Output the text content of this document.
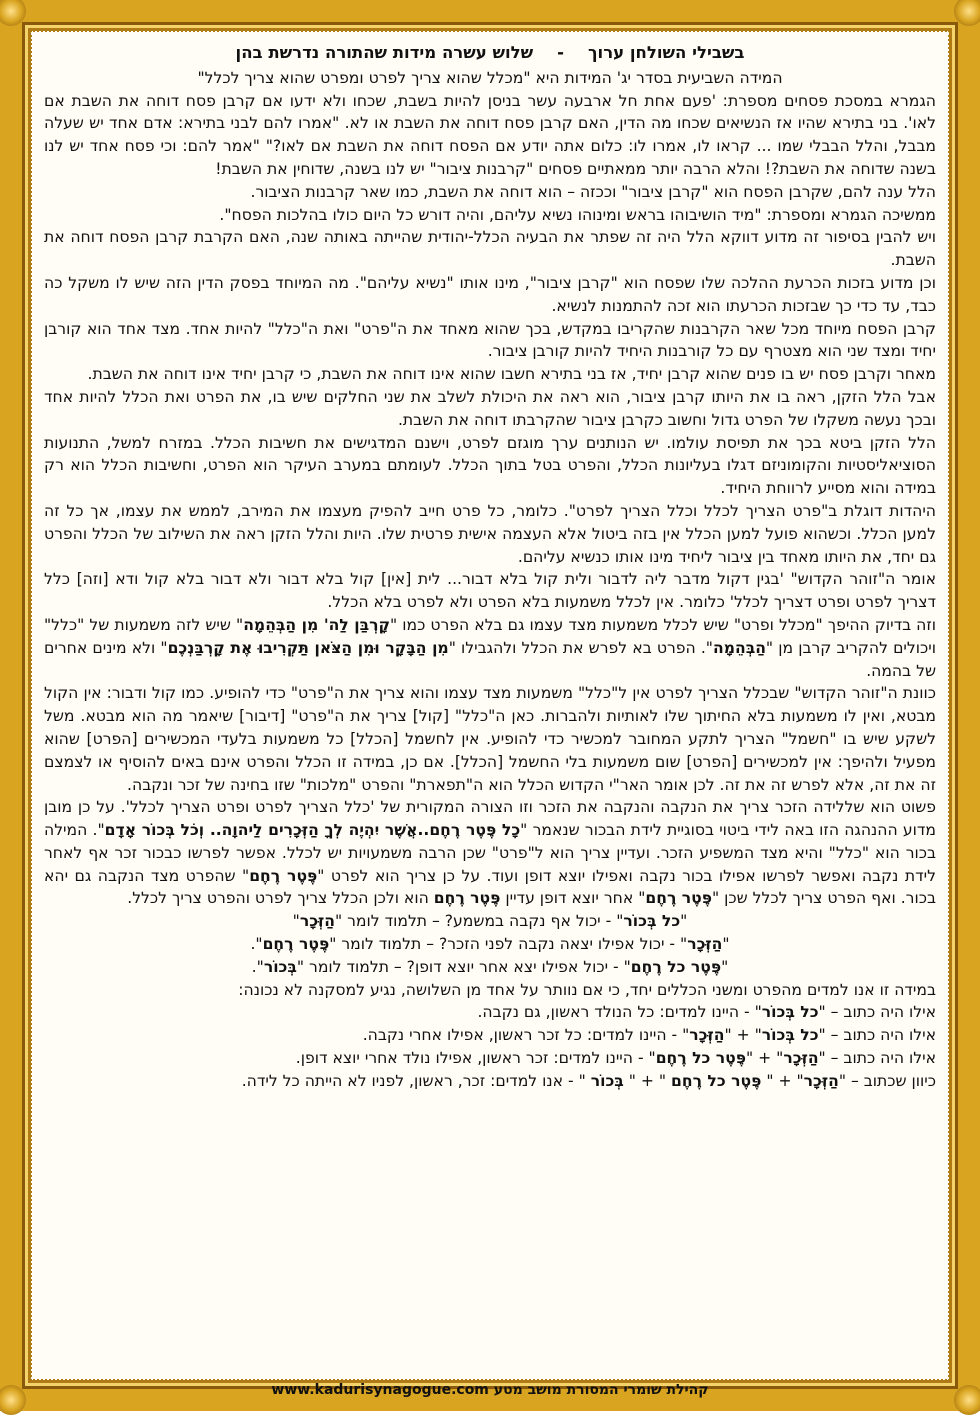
בשבילי השולחן ערוך-שלוש עשרה מידות שהתורה נדרשת בהן

המידה השביעית בסדר יג' המידות היא "מכלל שהוא צריך לפרט ומפרט שהוא צריך לכלל"

הגמרא במסכת פסחים מספרת: 'פעם אחת חל ארבעה עשר בניסן להיות בשבת, שכחו ולא ידעו אם קרבן פסח דוחה את השבת אם לאו'. בני בתירא שהיו אז הנשיאים שכחו מה הדין, האם קרבן פסח דוחה את השבת או לא. "אמרו להם לבני בתירא: אדם אחד יש שעלה מבבל, והלל הבבלי שמו ... קראו לו, אמרו לו: כלום אתה יודע אם הפסח דוחה את השבת אם לאו?" "אמר להם: וכי פסח אחד יש לנו בשנה שדוחה את השבת?! והלא הרבה יותר ממאתיים פסחים "קרבנות ציבור" יש לנו בשנה, שדוחין את השבת!

הלל ענה להם, שקרבן הפסח הוא "קרבן ציבור" וככזה – הוא דוחה את השבת, כמו שאר קרבנות הציבור.

ממשיכה הגמרא ומספרת: "מיד הושיבוהו בראש ומינוהו נשיא עליהם, והיה דורש כל היום כולו בהלכות הפסח".

ויש להבין בסיפור זה מדוע דווקא הלל היה זה שפתר את הבעיה הכלל-יהודית שהייתה באותה שנה, האם הקרבת קרבן הפסח דוחה את השבת.

וכן מדוע בזכות הכרעת ההלכה שלו שפסח הוא "קרבן ציבור", מינו אותו "נשיא עליהם". מה המיוחד בפסק הדין הזה שיש לו משקל כה כבד, עד כדי כך שבזכות הכרעתו הוא זכה להתמנות לנשיא.

קרבן הפסח מיוחד מכל שאר הקרבנות שהקריבו במקדש, בכך שהוא מאחד את ה"פרט" ואת ה"כלל" להיות אחד. מצד אחד הוא קורבן יחיד ומצד שני הוא מצטרף עם כל קורבנות היחיד להיות קורבן ציבור.

מאחר וקרבן פסח יש בו פנים שהוא קרבן יחיד, אז בני בתירא חשבו שהוא אינו דוחה את השבת, כי קרבן יחיד אינו דוחה את השבת.

אבל הלל הזקן, ראה בו את היותו קרבן ציבור, הוא ראה את היכולת לשלב את שני החלקים שיש בו, את הפרט ואת הכלל להיות אחד ובכך נעשה משקלו של הפרט גדול וחשוב כקרבן ציבור שהקרבתו דוחה את השבת.

הלל הזקן ביטא בכך את תפיסת עולמו. יש הנותנים ערך מוגזם לפרט, וישנם המדגישים את חשיבות הכלל. במזרח למשל, התנועות הסוציאליסטיות והקומוניזם דגלו בעליונות הכלל, והפרט בטל בתוך הכלל. לעומתם במערב העיקר הוא הפרט, וחשיבות הכלל הוא רק במידה והוא מסייע לרווחת היחיד.

היהדות דוגלת ב"פרט הצריך לכלל וכלל הצריך לפרט". כלומר, כל פרט חייב להפיק מעצמו את המירב, לממש את עצמו, אך כל זה למען הכלל. וכשהוא פועל למען הכלל אין בזה ביטול אלא העצמה אישית פרטית שלו. היות והלל הזקן ראה את השילוב של הכלל והפרט גם יחד, את היותו מאחד בין ציבור ליחיד מינו אותו כנשיא עליהם.

אומר ה"זוהר הקדוש" 'בגין דקול מדבר ליה לדבור ולית קול בלא דבור... לית [אין] קול בלא דבור ולא דבור בלא קול ודא [וזה] כלל דצריך לפרט ופרט דצריך לכלל' כלומר. אין לכלל משמעות בלא הפרט ולא לפרט בלא הכלל.

וזה בדיוק ההיפך "מכלל ופרט" שיש לכלל משמעות מצד עצמו גם בלא הפרט כמו "קָרְבַּן לַה' מִן הַבְּהֵמָה" שיש לזה משמעות של "כלל" ויכולים להקריב קרבן מן "הַבְּהֵמָה". הפרט בא לפרש את הכלל ולהגבילו "מִן הַבָּקָר וּמִן הַצֹּאן תַּקְרִיבוּ אֶת קָרְבַּנְכֶם" ולא מינים אחרים של בהמה.

כוונת ה"זוהר הקדוש" שבכלל הצריך לפרט אין ל"כלל" משמעות מצד עצמו והוא צריך את ה"פרט" כדי להופיע. כמו קול ודבור: אין הקול מבטא, ואין לו משמעות בלא החיתוך שלו לאותיות ולהברות. כאן ה"כלל" [קול] צריך את ה"פרט" [דיבור] שיאמר מה הוא מבטא. משל לשקע שיש בו "חשמל" הצריך לתקע המחובר למכשיר כדי להופיע. אין לחשמל [הכלל] כל משמעות בלעדי המכשירים [הפרט] שהוא מפעיל ולהיפך: אין למכשירים [הפרט] שום משמעות בלי החשמל [הכלל]. אם כן, במידה זו הכלל והפרט אינם באים להוסיף או לצמצם זה את זה, אלא לפרש זה את זה. לכן אומר האר"י הקדוש הכלל הוא ה"תפארת" והפרט "מלכות" שזו בחינה של זכר ונקבה.

פשוט הוא שללידה הזכר צריך את הנקבה והנקבה את הזכר וזו הצורה המקורית של 'כלל הצריך לפרט ופרט הצריך לכלל'. על כן מובן מדוע ההנהגה הזו באה לידי ביטוי בסוגיית לידת הבכור שנאמר "כָל פֶּטֶר רֶחֶם..אֲשֶׁר יִהְיֶה לְךָ הַזְּכָרִים לַיהוָה.. וְכֹל בְּכוֹר אָדָם". המילה בכור הוא "כלל" והיא מצד המשפיע הזכר. ועדיין צריך הוא ל"פרט" שכן הרבה משמעויות יש לכלל. אפשר לפרשו כבכור זכר אף לאחר לידת נקבה ואפשר לפרשו אפילו בכור נקבה ואפילו יוצא דופן ועוד. על כן צריך הוא לפרט "פֶּטֶר רֶחֶם" שהפרט מצד הנקבה גם יהא בכור. ואף הפרט צריך לכלל שכן "פֶּטֶר רֶחֶם" אחר יוצא דופן עדיין פֶּטֶר רֶחֶם הוא ולכן הכלל צריך לפרט והפרט צריך לכלל.

"כל בְּכוֹר" - יכול אף נקבה במשמע? – תלמוד לומר "הַזְּכָר"

"הַזְּכָר" - יכול אפילו יצאה נקבה לפני הזכר? – תלמוד לומר "פֶּטֶר רֶחֶם".

"פֶּטֶר כל רֶחֶם" - יכול אפילו יצא אחר יוצא דופן? – תלמוד לומר "בְּכוֹר".

במידה זו אנו למדים מהפרט ומשני הכללים יחד, כי אם נוותר על אחד מן השלושה, נגיע למסקנה לא נכונה:

אילו היה כתוב – "כל בְּכוֹר" - היינו למדים: כל הנולד ראשון, גם נקבה.

אילו היה כתוב – "כל בְּכוֹר" + "הַזְּכָר" - היינו למדים: כל זכר ראשון, אפילו אחרי נקבה.

אילו היה כתוב – "הַזְּכָר" + "פֶּטֶר כל רֶחֶם" - היינו למדים: זכר ראשון, אפילו נולד אחרי יוצא דופן.

כיוון שכתוב – "הַזְּכָר" + " פֶּטֶר כל רֶחֶם " + " בְּכוֹר " - אנו למדים: זכר, ראשון, לפניו לא הייתה כל לידה.

קהילת שומרי המסורת מושב מטע www.kadurisynagogue.com
